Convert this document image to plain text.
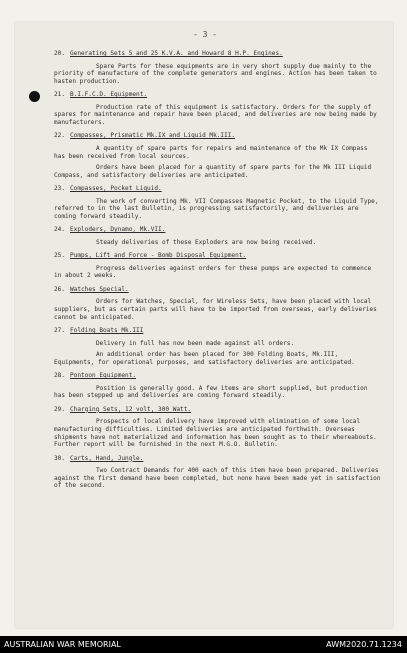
- 3 -
20. Generating Sets 5 and 25 K.V.A. and Howard 8 H.P. Engines.
Spare Parts for these equipments are in very short supply due mainly to the priority of manufacture of the complete generators and engines. Action has been taken to hasten production.
21. B.I.F.C.D. Equipment.
Production rate of this equipment is satisfactory. Orders for the supply of spares for maintenance and repair have been placed, and deliveries are now being made by manufacturers.
22. Compasses, Prismatic Mk.IX and Liquid Mk.III.
A quantity of spare parts for repairs and maintenance of the Mk IX Compass has been received from local sources.
Orders have been placed for a quantity of spare parts for the Mk III Liquid Compass, and satisfactory deliveries are anticipated.
23. Compasses, Pocket Liquid.
The work of converting Mk. VII Compasses Magnetic Pocket, to the Liquid Type, referred to in the last Bulletin, is progressing satisfactorily, and deliveries are coming forward steadily.
24. Exploders, Dynamo, Mk.VII.
Steady deliveries of these Exploders are now being received.
25. Pumps, Lift and Force - Bomb Disposal Equipment.
Progress deliveries against orders for these pumps are expected to commence in about 2 weeks.
26. Watches Special.
Orders for Watches, Special, for Wireless Sets, have been placed with local suppliers, but as certain parts will have to be imported from overseas, early deliveries cannot be anticipated.
27. Folding Boats Mk.III
Delivery in full has now been made against all orders.
An additional order has been placed for 300 Folding Boats, Mk.III, Equipments, for operational purposes, and satisfactory deliveries are anticipated.
28. Pontoon Equipment.
Position is generally good. A few items are short supplied, but production has been stepped up and deliveries are coming forward steadily.
29. Charging Sets, 12 volt, 300 Watt.
Prospects of local delivery have improved with elimination of some local manufacturing difficulties. Limited deliveries are anticipated forthwith. Overseas shipments have not materialized and information has been sought as to their whereabouts. Further report will be furnished in the next M.G.O. Bulletin.
30. Carts, Hand, Jungle.
Two Contract Demands for 400 each of this item have been prepared. Deliveries against the first demand have been completed, but none have been made yet in satisfaction of the second.
AUSTRALIAN WAR MEMORIAL	AWM2020.71.1234
